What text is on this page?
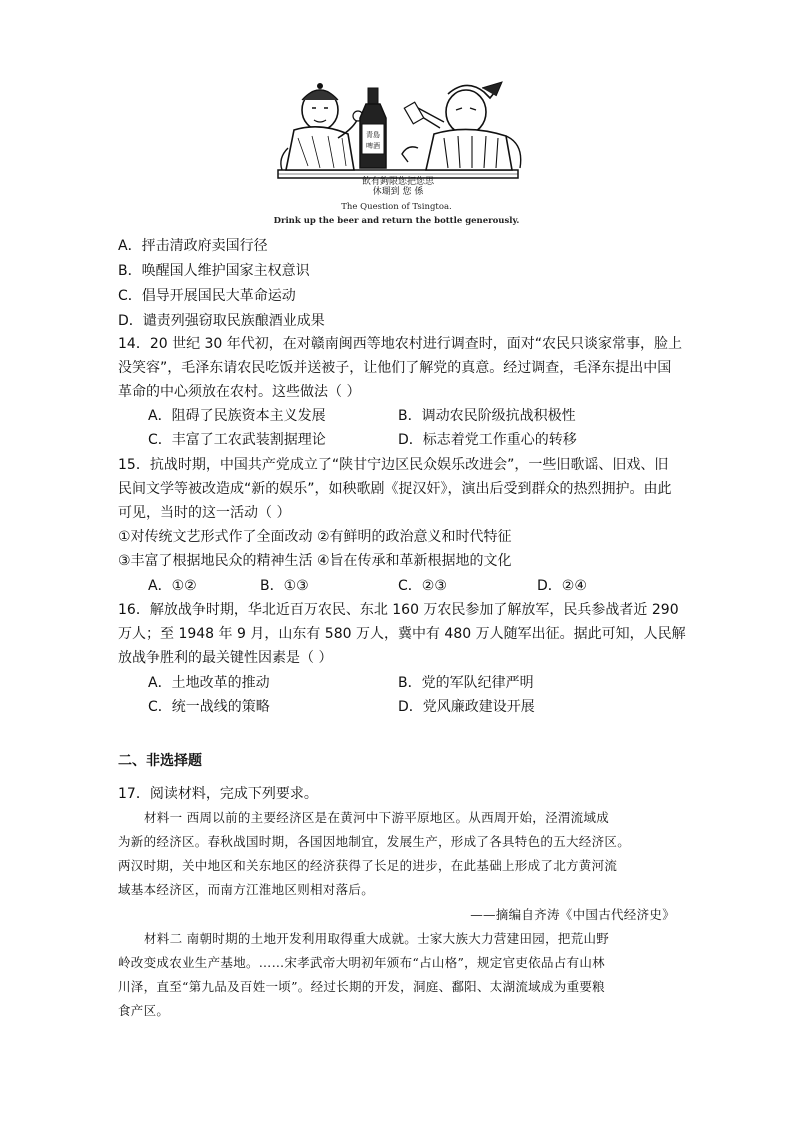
青島
啤酒
飲有鉤限您把您思
休瑚到 您 係
The Question of Tsingtoa.
Drink up the beer and return the bottle generously.
A．抨击清政府卖国行径
B．唤醒国人维护国家主权意识
C．倡导开展国民大革命运动
D．谴责列强窃取民族酿酒业成果
14．20 世纪 30 年代初，在对赣南闽西等地农村进行调查时，面对“农民只谈家常事，脸上
没笑容”，毛泽东请农民吃饭并送被子，让他们了解党的真意。经过调查，毛泽东提出中国
革命的中心须放在农村。这些做法（ ）
A．阻碍了民族资本主义发展	B．调动农民阶级抗战积极性
C．丰富了工农武装割据理论	D．标志着党工作重心的转移
15．抗战时期，中国共产党成立了“陕甘宁边区民众娱乐改进会”，一些旧歌谣、旧戏、旧
民间文学等被改造成“新的娱乐”，如秧歌剧《捉汉奸》，演出后受到群众的热烈拥护。由此
可见，当时的这一活动（ ）
①对传统文艺形式作了全面改动 ②有鲜明的政治意义和时代特征
③丰富了根据地民众的精神生活 ④旨在传承和革新根据地的文化
A．①②	B．①③	C．②③	D．②④
16．解放战争时期，华北近百万农民、东北 160 万农民参加了解放军，民兵参战者近 290
万人；至 1948 年 9 月，山东有 580 万人，冀中有 480 万人随军出征。据此可知，人民解
放战争胜利的最关键性因素是（ ）
A．土地改革的推动	B．党的军队纪律严明
C．统一战线的策略	D．党风廉政建设开展
二、非选择题
17．阅读材料，完成下列要求。
材料一 西周以前的主要经济区是在黄河中下游平原地区。从西周开始，泾渭流域成
为新的经济区。春秋战国时期，各国因地制宜，发展生产，形成了各具特色的五大经济区。
两汉时期，关中地区和关东地区的经济获得了长足的进步，在此基础上形成了北方黄河流
域基本经济区，而南方江淮地区则相对落后。
——摘编自齐涛《中国古代经济史》
材料二 南朝时期的土地开发利用取得重大成就。士家大族大力营建田园，把荒山野
岭改变成农业生产基地。……宋孝武帝大明初年颁布“占山格”，规定官吏依品占有山林
川泽，直至“第九品及百姓一顷”。经过长期的开发，洞庭、鄱阳、太湖流域成为重要粮
食产区。
